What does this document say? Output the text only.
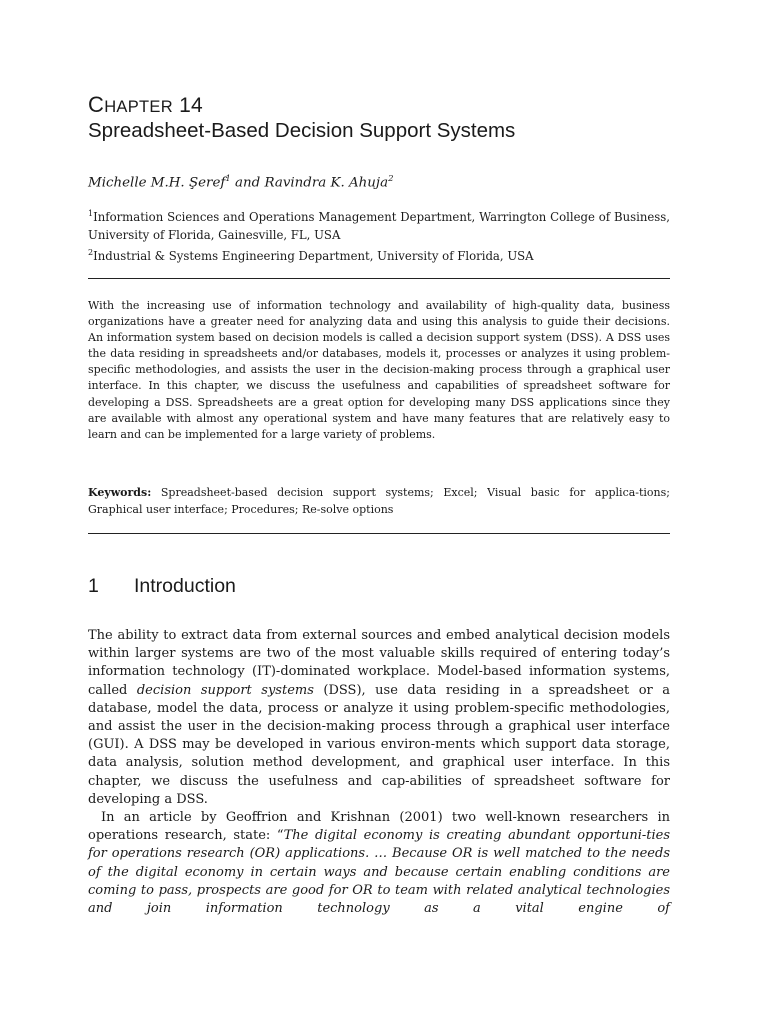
CHAPTER 14
Spreadsheet-Based Decision Support Systems
Michelle M.H. Şeref$^1$ and Ravindra K. Ahuja$^2$

$^1$Information Sciences and Operations Management Department, Warrington College of Business, University of Florida, Gainesville, FL, USA

$^2$Industrial & Systems Engineering Department, University of Florida, USA

With the increasing use of information technology and availability of high-quality data, business organizations have a greater need for analyzing data and using this analysis to guide their decisions. An information system based on decision models is called a decision support system (DSS). A DSS uses the data residing in spreadsheets and/or databases, models it, processes or analyzes it using problem-specific methodologies, and assists the user in the decision-making process through a graphical user interface. In this chapter, we discuss the usefulness and capabilities of spreadsheet software for developing a DSS. Spreadsheets are a great option for developing many DSS applications since they are available with almost any operational system and have many features that are relatively easy to learn and can be implemented for a large variety of problems.

Keywords: Spreadsheet-based decision support systems; Excel; Visual basic for applica-tions; Graphical user interface; Procedures; Re-solve options

1 Introduction

The ability to extract data from external sources and embed analytical decision models within larger systems are two of the most valuable skills required of entering today’s information technology (IT)-dominated workplace. Model-based information systems, called decision support systems (DSS), use data residing in a spreadsheet or a database, model the data, process or analyze it using problem-specific methodologies, and assist the user in the decision-making process through a graphical user interface (GUI). A DSS may be developed in various environ-ments which support data storage, data analysis, solution method development, and graphical user interface. In this chapter, we discuss the usefulness and cap-abilities of spreadsheet software for developing a DSS.

In an article by Geoffrion and Krishnan (2001) two well-known researchers in operations research, state: “The digital economy is creating abundant opportuni-ties for operations research (OR) applications. … Because OR is well matched to the needs of the digital economy in certain ways and because certain enabling conditions are coming to pass, prospects are good for OR to team with related analytical technologies and join information technology as a vital engine of
